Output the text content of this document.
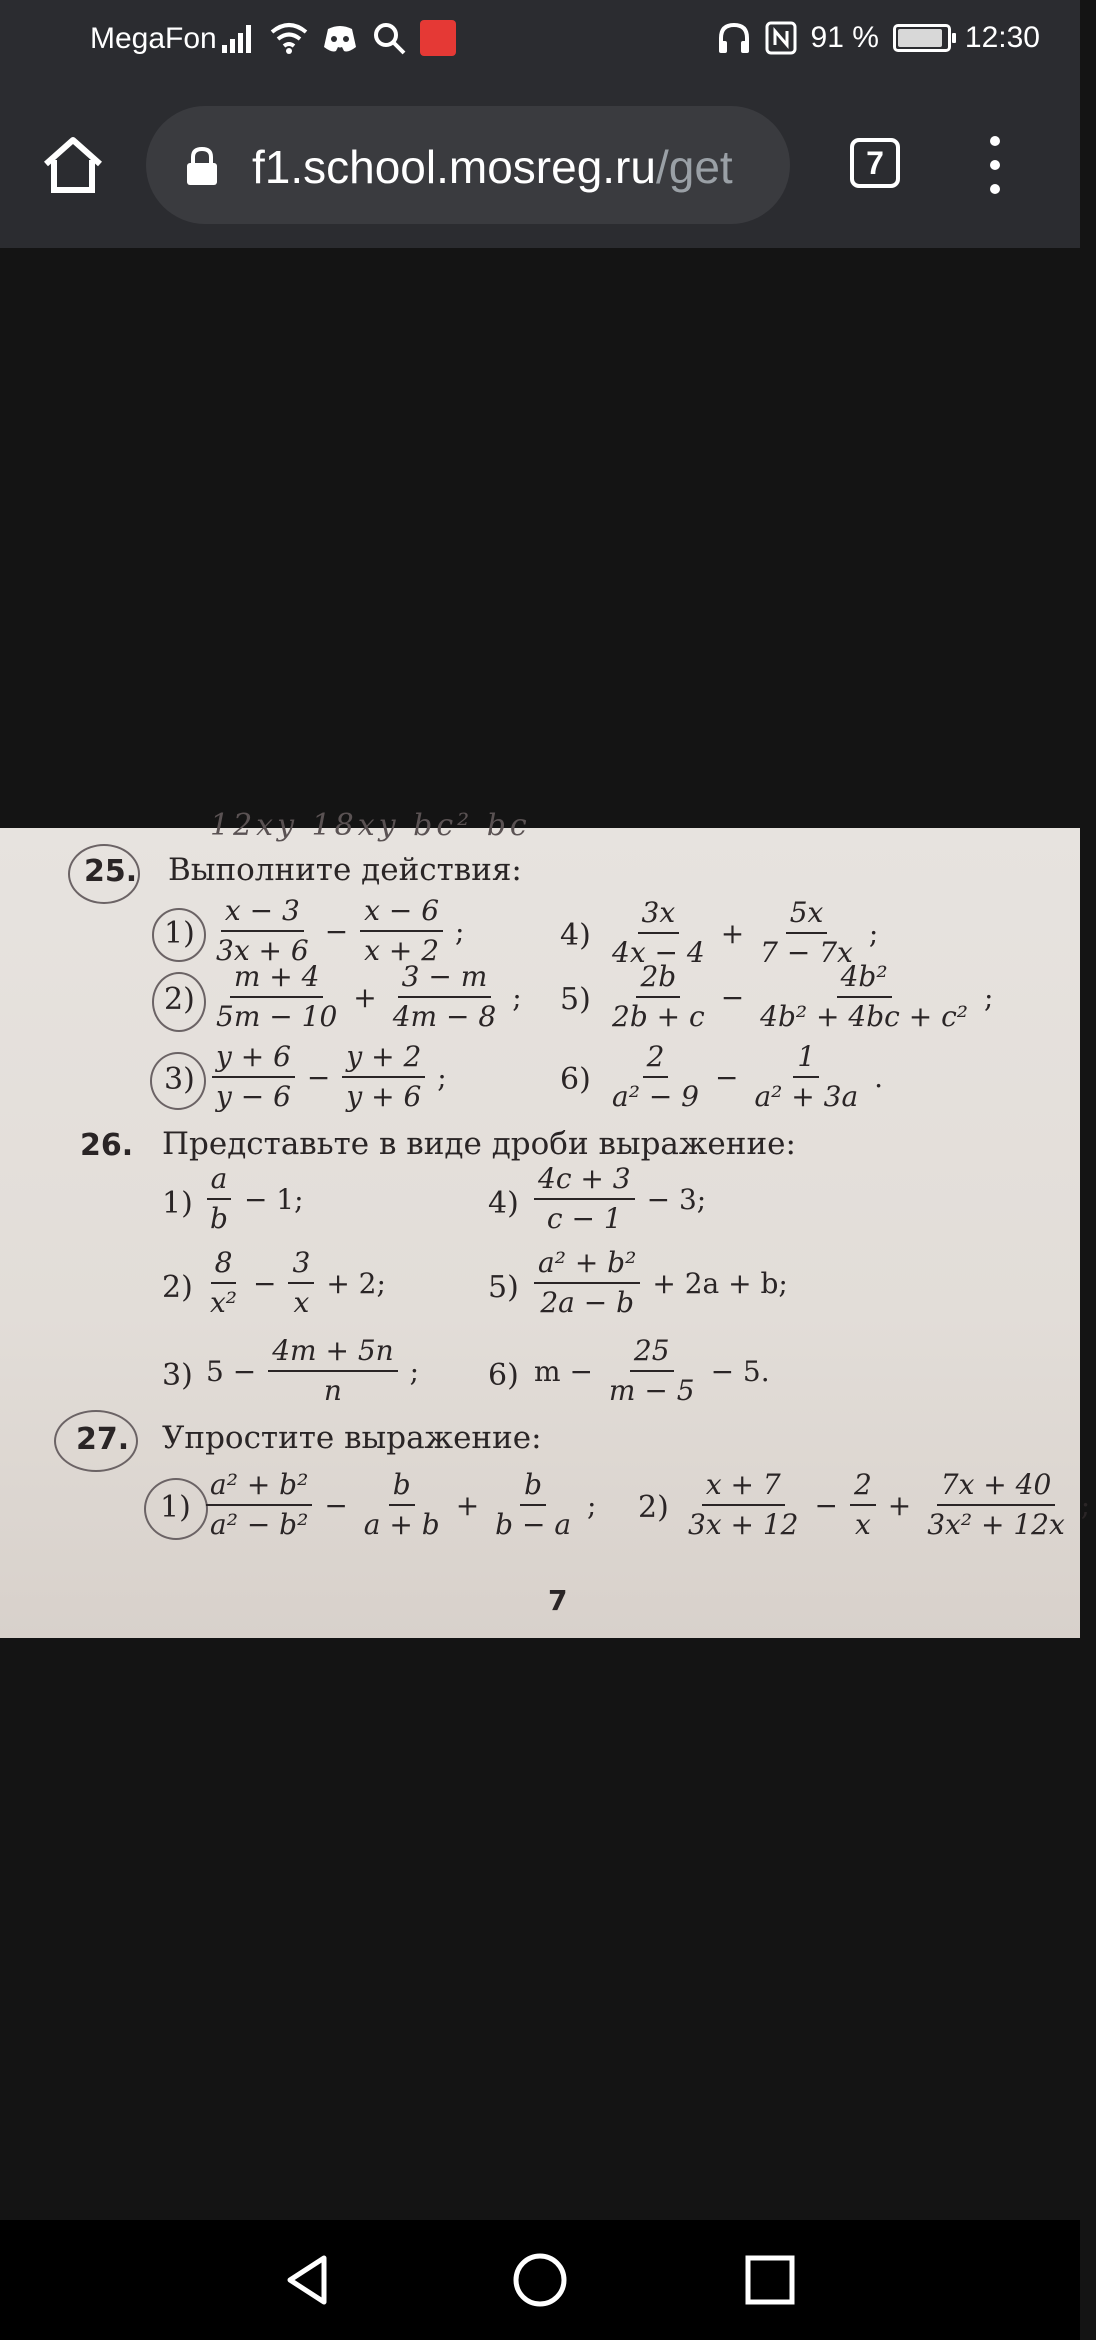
MegaFon	91 %	12:30
f1.school.mosreg.ru/get	7
12xy 18xy bc² bc
25. Выполните действия:
$1) \frac{x - 3}{3x + 6} - \frac{x - 6}{x + 2}$ ;
$2) \frac{m + 4}{5m - 10} + \frac{3 - m}{4m - 8}$ ;
$3) \frac{y + 6}{y - 6} - \frac{y + 2}{y + 6}$ ;
$4) \frac{3x}{4x - 4} + \frac{5x}{7 - 7x}$ ;
$5) \frac{2b}{2b + c} - \frac{\text{4b²}}{\text{4b² + 4bc + c²}}$ ;
$6) \frac{2}{\text{a² − 9}} - \frac{1}{\text{a² + 3a}}$ .
26. Представьте в виде дроби выражение:
$1) \frac{a}{b} - 1$;
$2) \frac{8}{\text{x²}} - \frac{3}{x} + 2$;
3) $5 - \frac{4m + 5n}{n}$ ;
$4) \frac{4c + 3}{c - 1} - 3$;
$5) \frac{\text{a² + b²}}{2a - b} + 2a + b$;
6) $m - \frac{25}{m - 5} - 5$.
27. Упростите выражение:
$1) \frac{\text{a² + b²}}{\text{a² − b²}} - \frac{b}{a + b} + \frac{b}{b - a}$ ; $2) \frac{x + 7}{3x + 12} - \frac{2}{x} + \frac{7x + 40}{\text{3x² + 12x}}$ ;
7
